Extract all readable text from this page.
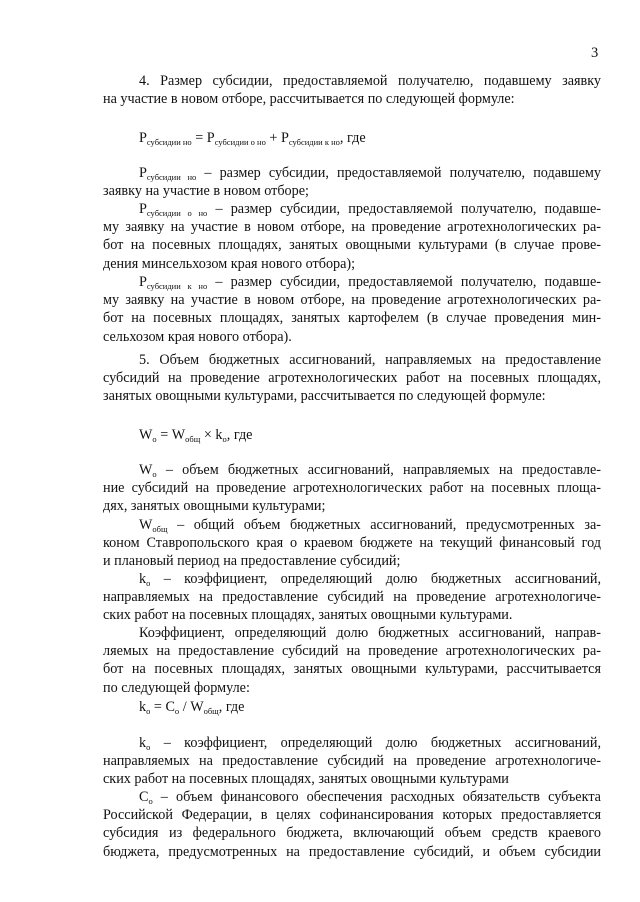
3
4. Размер субсидии, предоставляемой получателю, подавшему заявку
на участие в новом отборе, рассчитывается по следующей формуле:
$Р_{субсидии но} = Р_{субсидии о но} + Р_{субсидии к но}$, где
$Р_{субсидии но}$ – размер субсидии, предоставляемой получателю, подавшему
заявку на участие в новом отборе;
$Р_{субсидии о но}$ – размер субсидии, предоставляемой получателю, подавше-
му заявку на участие в новом отборе, на проведение агротехнологических ра-
бот на посевных площадях, занятых овощными культурами (в случае прове-
дения минсельхозом края нового отбора);
$Р_{субсидии к но}$ – размер субсидии, предоставляемой получателю, подавше-
му заявку на участие в новом отборе, на проведение агротехнологических ра-
бот на посевных площадях, занятых картофелем (в случае проведения мин-
сельхозом края нового отбора).
5. Объем бюджетных ассигнований, направляемых на предоставление
субсидий на проведение агротехнологических работ на посевных площадях,
занятых овощными культурами, рассчитывается по следующей формуле:
$W_о = W_{общ} \times k_о$, где
$W_о$ – объем бюджетных ассигнований, направляемых на предоставле-
ние субсидий на проведение агротехнологических работ на посевных площа-
дях, занятых овощными культурами;
$W_{общ}$ – общий объем бюджетных ассигнований, предусмотренных за-
коном Ставропольского края о краевом бюджете на текущий финансовый год
и плановый период на предоставление субсидий;
$k_о$ – коэффициент, определяющий долю бюджетных ассигнований,
направляемых на предоставление субсидий на проведение агротехнологиче-
ских работ на посевных площадях, занятых овощными культурами.
Коэффициент, определяющий долю бюджетных ассигнований, направ-
ляемых на предоставление субсидий на проведение агротехнологических ра-
бот на посевных площадях, занятых овощными культурами, рассчитывается
по следующей формуле:
$k_о = C_о / W_{общ}$, где
$k_о$ – коэффициент, определяющий долю бюджетных ассигнований,
направляемых на предоставление субсидий на проведение агротехнологиче-
ских работ на посевных площадях, занятых овощными культурами
$C_о$ – объем финансового обеспечения расходных обязательств субъекта
Российской Федерации, в целях софинансирования которых предоставляется
субсидия из федерального бюджета, включающий объем средств краевого
бюджета, предусмотренных на предоставление субсидий, и объем субсидии
